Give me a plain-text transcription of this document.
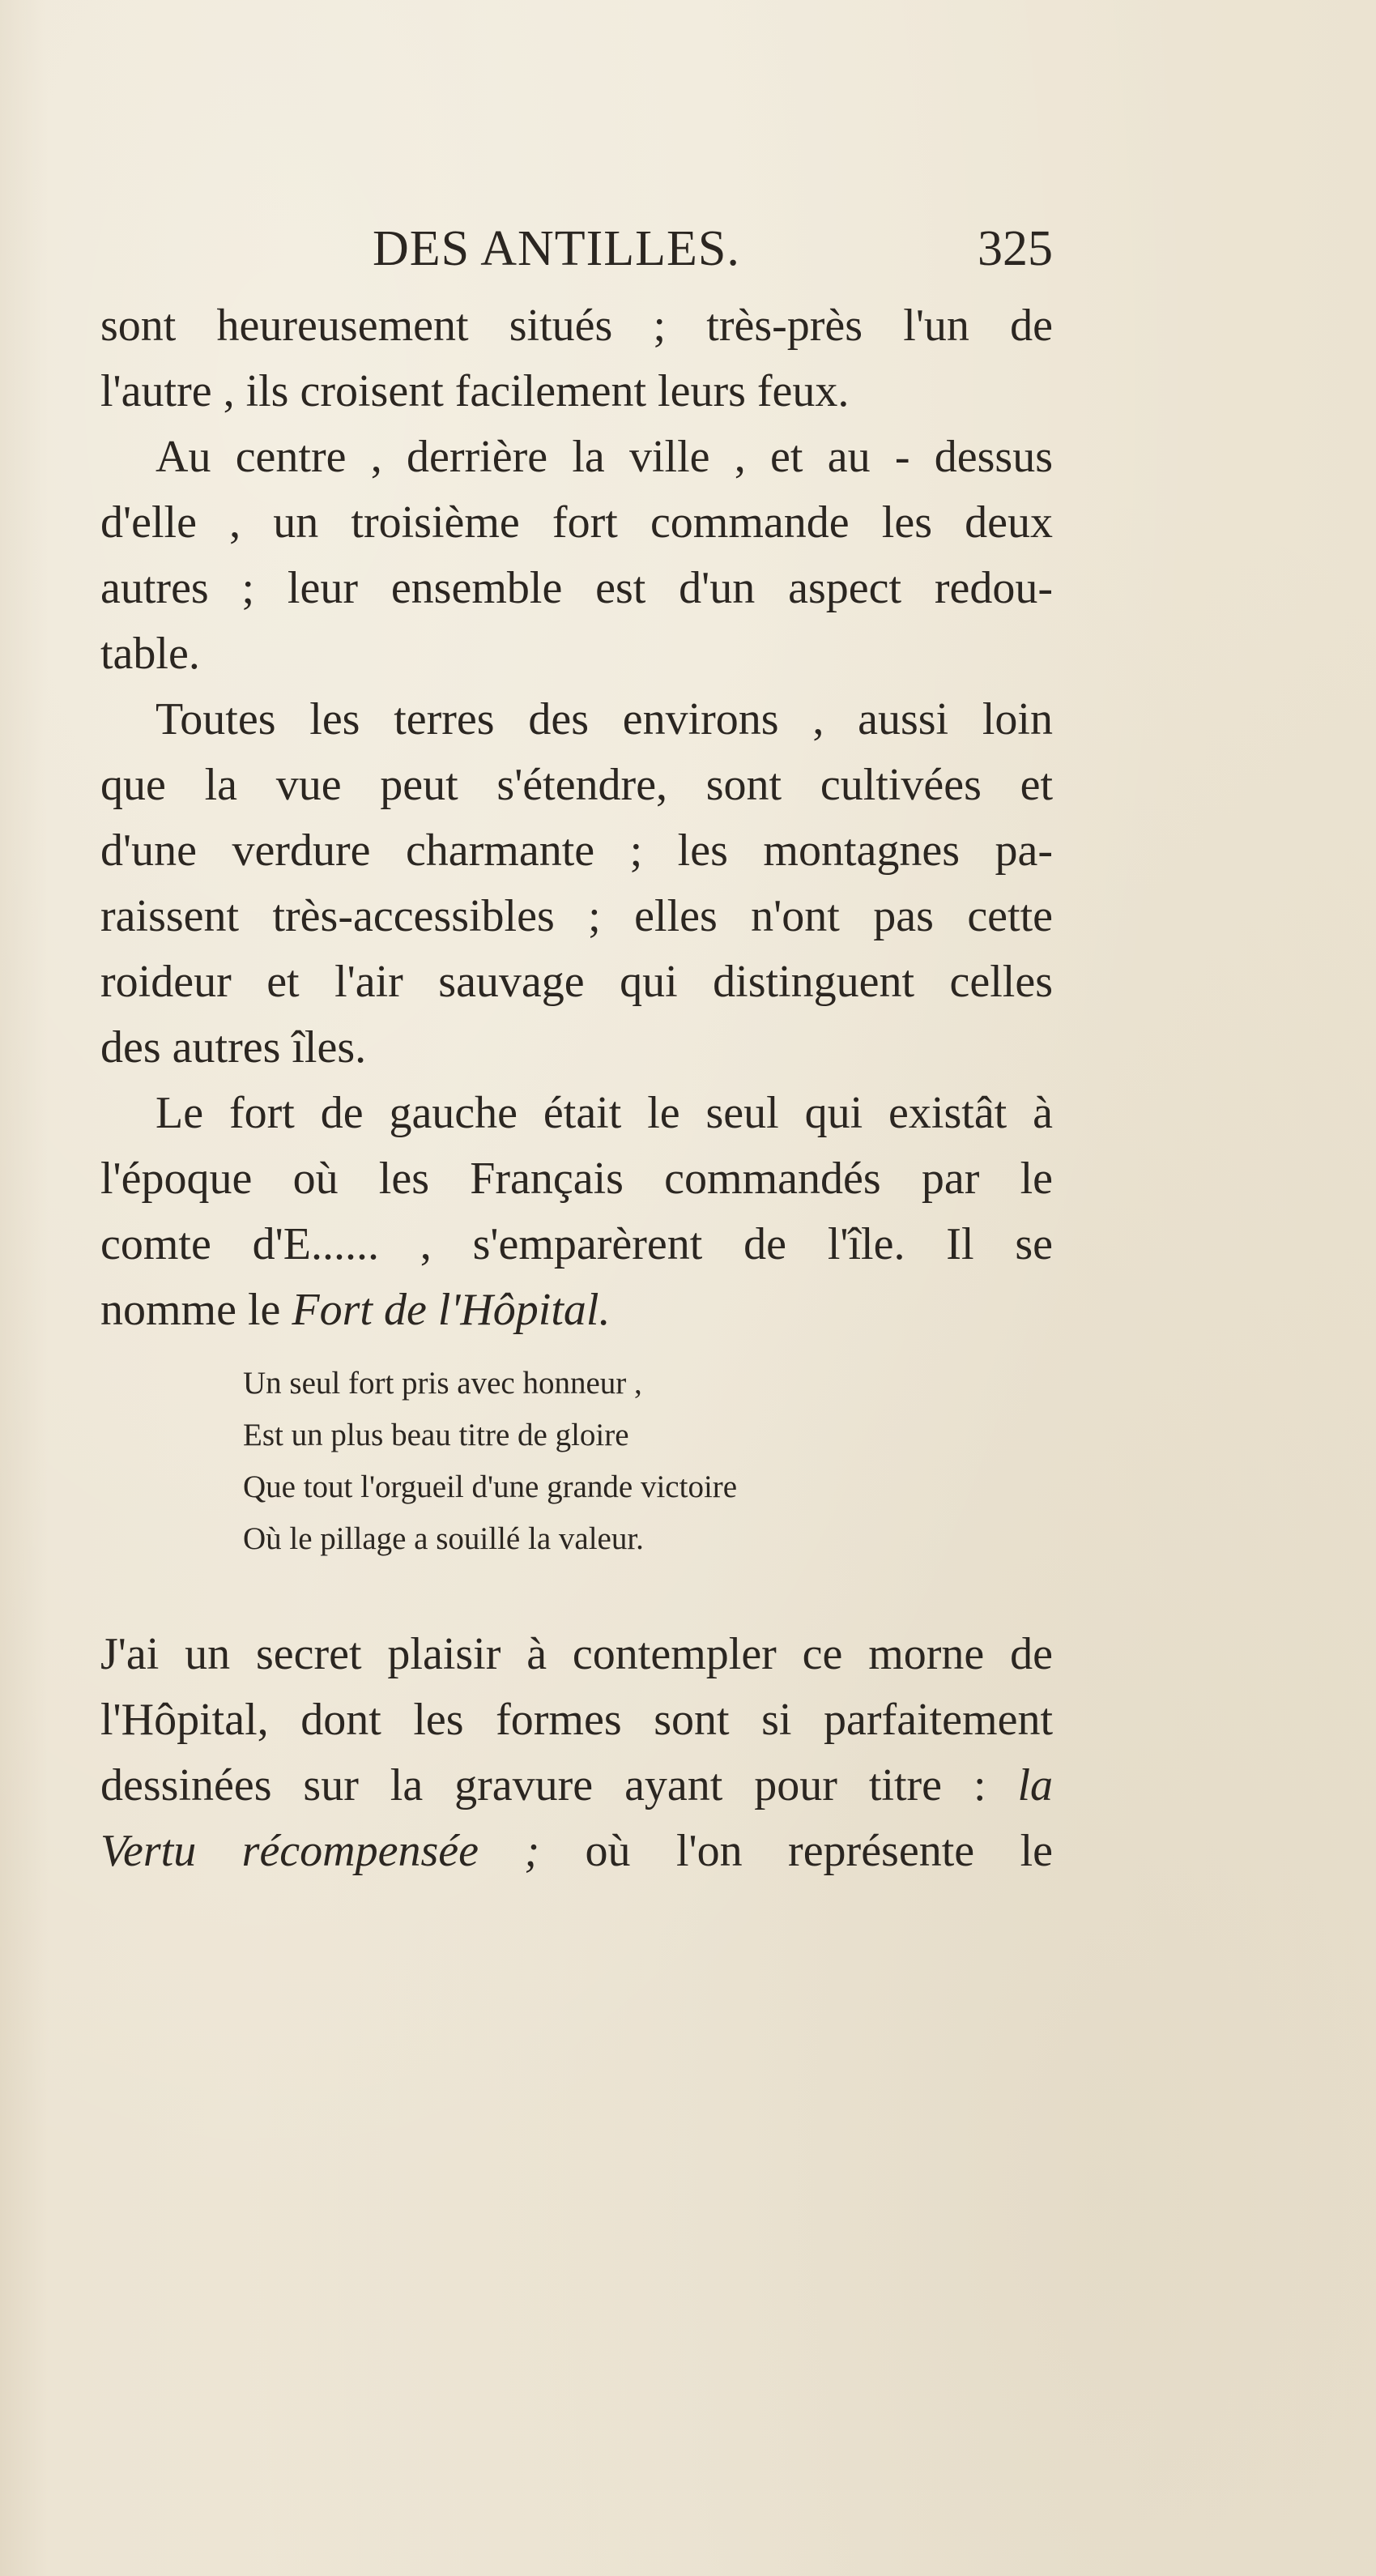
DES ANTILLES.	325
sont heureusement situés ; très-près l'un de
l'autre , ils croisent facilement leurs feux.
Au centre , derrière la ville , et au - dessus
d'elle , un troisième fort commande les deux
autres ; leur ensemble est d'un aspect redou-
table.
Toutes les terres des environs , aussi loin
que la vue peut s'étendre, sont cultivées et
d'une verdure charmante ; les montagnes pa-
raissent très-accessibles ; elles n'ont pas cette
roideur et l'air sauvage qui distinguent celles
des autres îles.
Le fort de gauche était le seul qui existât à
l'époque où les Français commandés par le
comte d'E...... , s'emparèrent de l'île. Il se
nomme le Fort de l'Hôpital.
Un seul fort pris avec honneur ,
Est un plus beau titre de gloire
Que tout l'orgueil d'une grande victoire
Où le pillage a souillé la valeur.
J'ai un secret plaisir à contempler ce morne de
l'Hôpital, dont les formes sont si parfaitement
dessinées sur la gravure ayant pour titre : la
Vertu récompensée ; où l'on représente le
